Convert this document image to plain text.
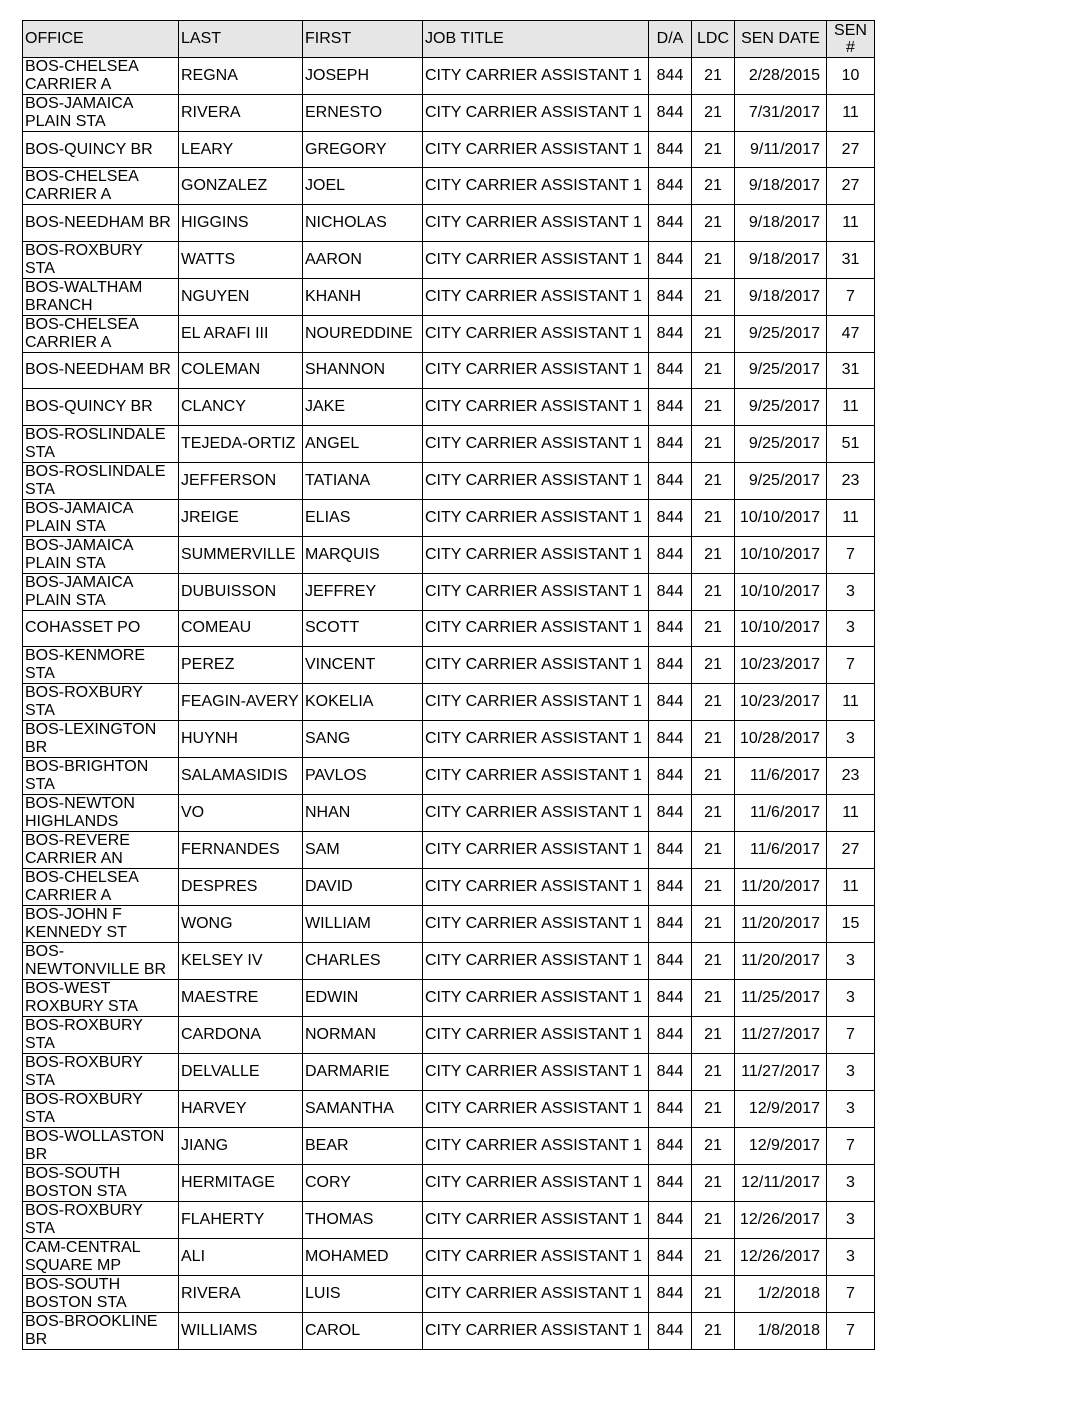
OFFICE	LAST	FIRST	JOB TITLE	D/A	LDC	SEN DATE	SEN #
BOS-CHELSEA CARRIER A	REGNA	JOSEPH	CITY CARRIER ASSISTANT 1	844	21	2/28/2015	10
BOS-JAMAICA PLAIN STA	RIVERA	ERNESTO	CITY CARRIER ASSISTANT 1	844	21	7/31/2017	11
BOS-QUINCY BR	LEARY	GREGORY	CITY CARRIER ASSISTANT 1	844	21	9/11/2017	27
BOS-CHELSEA CARRIER A	GONZALEZ	JOEL	CITY CARRIER ASSISTANT 1	844	21	9/18/2017	27
BOS-NEEDHAM BR	HIGGINS	NICHOLAS	CITY CARRIER ASSISTANT 1	844	21	9/18/2017	11
BOS-ROXBURY STA	WATTS	AARON	CITY CARRIER ASSISTANT 1	844	21	9/18/2017	31
BOS-WALTHAM BRANCH	NGUYEN	KHANH	CITY CARRIER ASSISTANT 1	844	21	9/18/2017	7
BOS-CHELSEA CARRIER A	EL ARAFI III	NOUREDDINE	CITY CARRIER ASSISTANT 1	844	21	9/25/2017	47
BOS-NEEDHAM BR	COLEMAN	SHANNON	CITY CARRIER ASSISTANT 1	844	21	9/25/2017	31
BOS-QUINCY BR	CLANCY	JAKE	CITY CARRIER ASSISTANT 1	844	21	9/25/2017	11
BOS-ROSLINDALE STA	TEJEDA-ORTIZ	ANGEL	CITY CARRIER ASSISTANT 1	844	21	9/25/2017	51
BOS-ROSLINDALE STA	JEFFERSON	TATIANA	CITY CARRIER ASSISTANT 1	844	21	9/25/2017	23
BOS-JAMAICA PLAIN STA	JREIGE	ELIAS	CITY CARRIER ASSISTANT 1	844	21	10/10/2017	11
BOS-JAMAICA PLAIN STA	SUMMERVILLE	MARQUIS	CITY CARRIER ASSISTANT 1	844	21	10/10/2017	7
BOS-JAMAICA PLAIN STA	DUBUISSON	JEFFREY	CITY CARRIER ASSISTANT 1	844	21	10/10/2017	3
COHASSET PO	COMEAU	SCOTT	CITY CARRIER ASSISTANT 1	844	21	10/10/2017	3
BOS-KENMORE STA	PEREZ	VINCENT	CITY CARRIER ASSISTANT 1	844	21	10/23/2017	7
BOS-ROXBURY STA	FEAGIN-AVERY	KOKELIA	CITY CARRIER ASSISTANT 1	844	21	10/23/2017	11
BOS-LEXINGTON BR	HUYNH	SANG	CITY CARRIER ASSISTANT 1	844	21	10/28/2017	3
BOS-BRIGHTON STA	SALAMASIDIS	PAVLOS	CITY CARRIER ASSISTANT 1	844	21	11/6/2017	23
BOS-NEWTON HIGHLANDS	VO	NHAN	CITY CARRIER ASSISTANT 1	844	21	11/6/2017	11
BOS-REVERE CARRIER AN	FERNANDES	SAM	CITY CARRIER ASSISTANT 1	844	21	11/6/2017	27
BOS-CHELSEA CARRIER A	DESPRES	DAVID	CITY CARRIER ASSISTANT 1	844	21	11/20/2017	11
BOS-JOHN F KENNEDY ST	WONG	WILLIAM	CITY CARRIER ASSISTANT 1	844	21	11/20/2017	15
BOS-NEWTONVILLE BR	KELSEY IV	CHARLES	CITY CARRIER ASSISTANT 1	844	21	11/20/2017	3
BOS-WEST ROXBURY STA	MAESTRE	EDWIN	CITY CARRIER ASSISTANT 1	844	21	11/25/2017	3
BOS-ROXBURY STA	CARDONA	NORMAN	CITY CARRIER ASSISTANT 1	844	21	11/27/2017	7
BOS-ROXBURY STA	DELVALLE	DARMARIE	CITY CARRIER ASSISTANT 1	844	21	11/27/2017	3
BOS-ROXBURY STA	HARVEY	SAMANTHA	CITY CARRIER ASSISTANT 1	844	21	12/9/2017	3
BOS-WOLLASTON BR	JIANG	BEAR	CITY CARRIER ASSISTANT 1	844	21	12/9/2017	7
BOS-SOUTH BOSTON STA	HERMITAGE	CORY	CITY CARRIER ASSISTANT 1	844	21	12/11/2017	3
BOS-ROXBURY STA	FLAHERTY	THOMAS	CITY CARRIER ASSISTANT 1	844	21	12/26/2017	3
CAM-CENTRAL SQUARE MP	ALI	MOHAMED	CITY CARRIER ASSISTANT 1	844	21	12/26/2017	3
BOS-SOUTH BOSTON STA	RIVERA	LUIS	CITY CARRIER ASSISTANT 1	844	21	1/2/2018	7
BOS-BROOKLINE BR	WILLIAMS	CAROL	CITY CARRIER ASSISTANT 1	844	21	1/8/2018	7
